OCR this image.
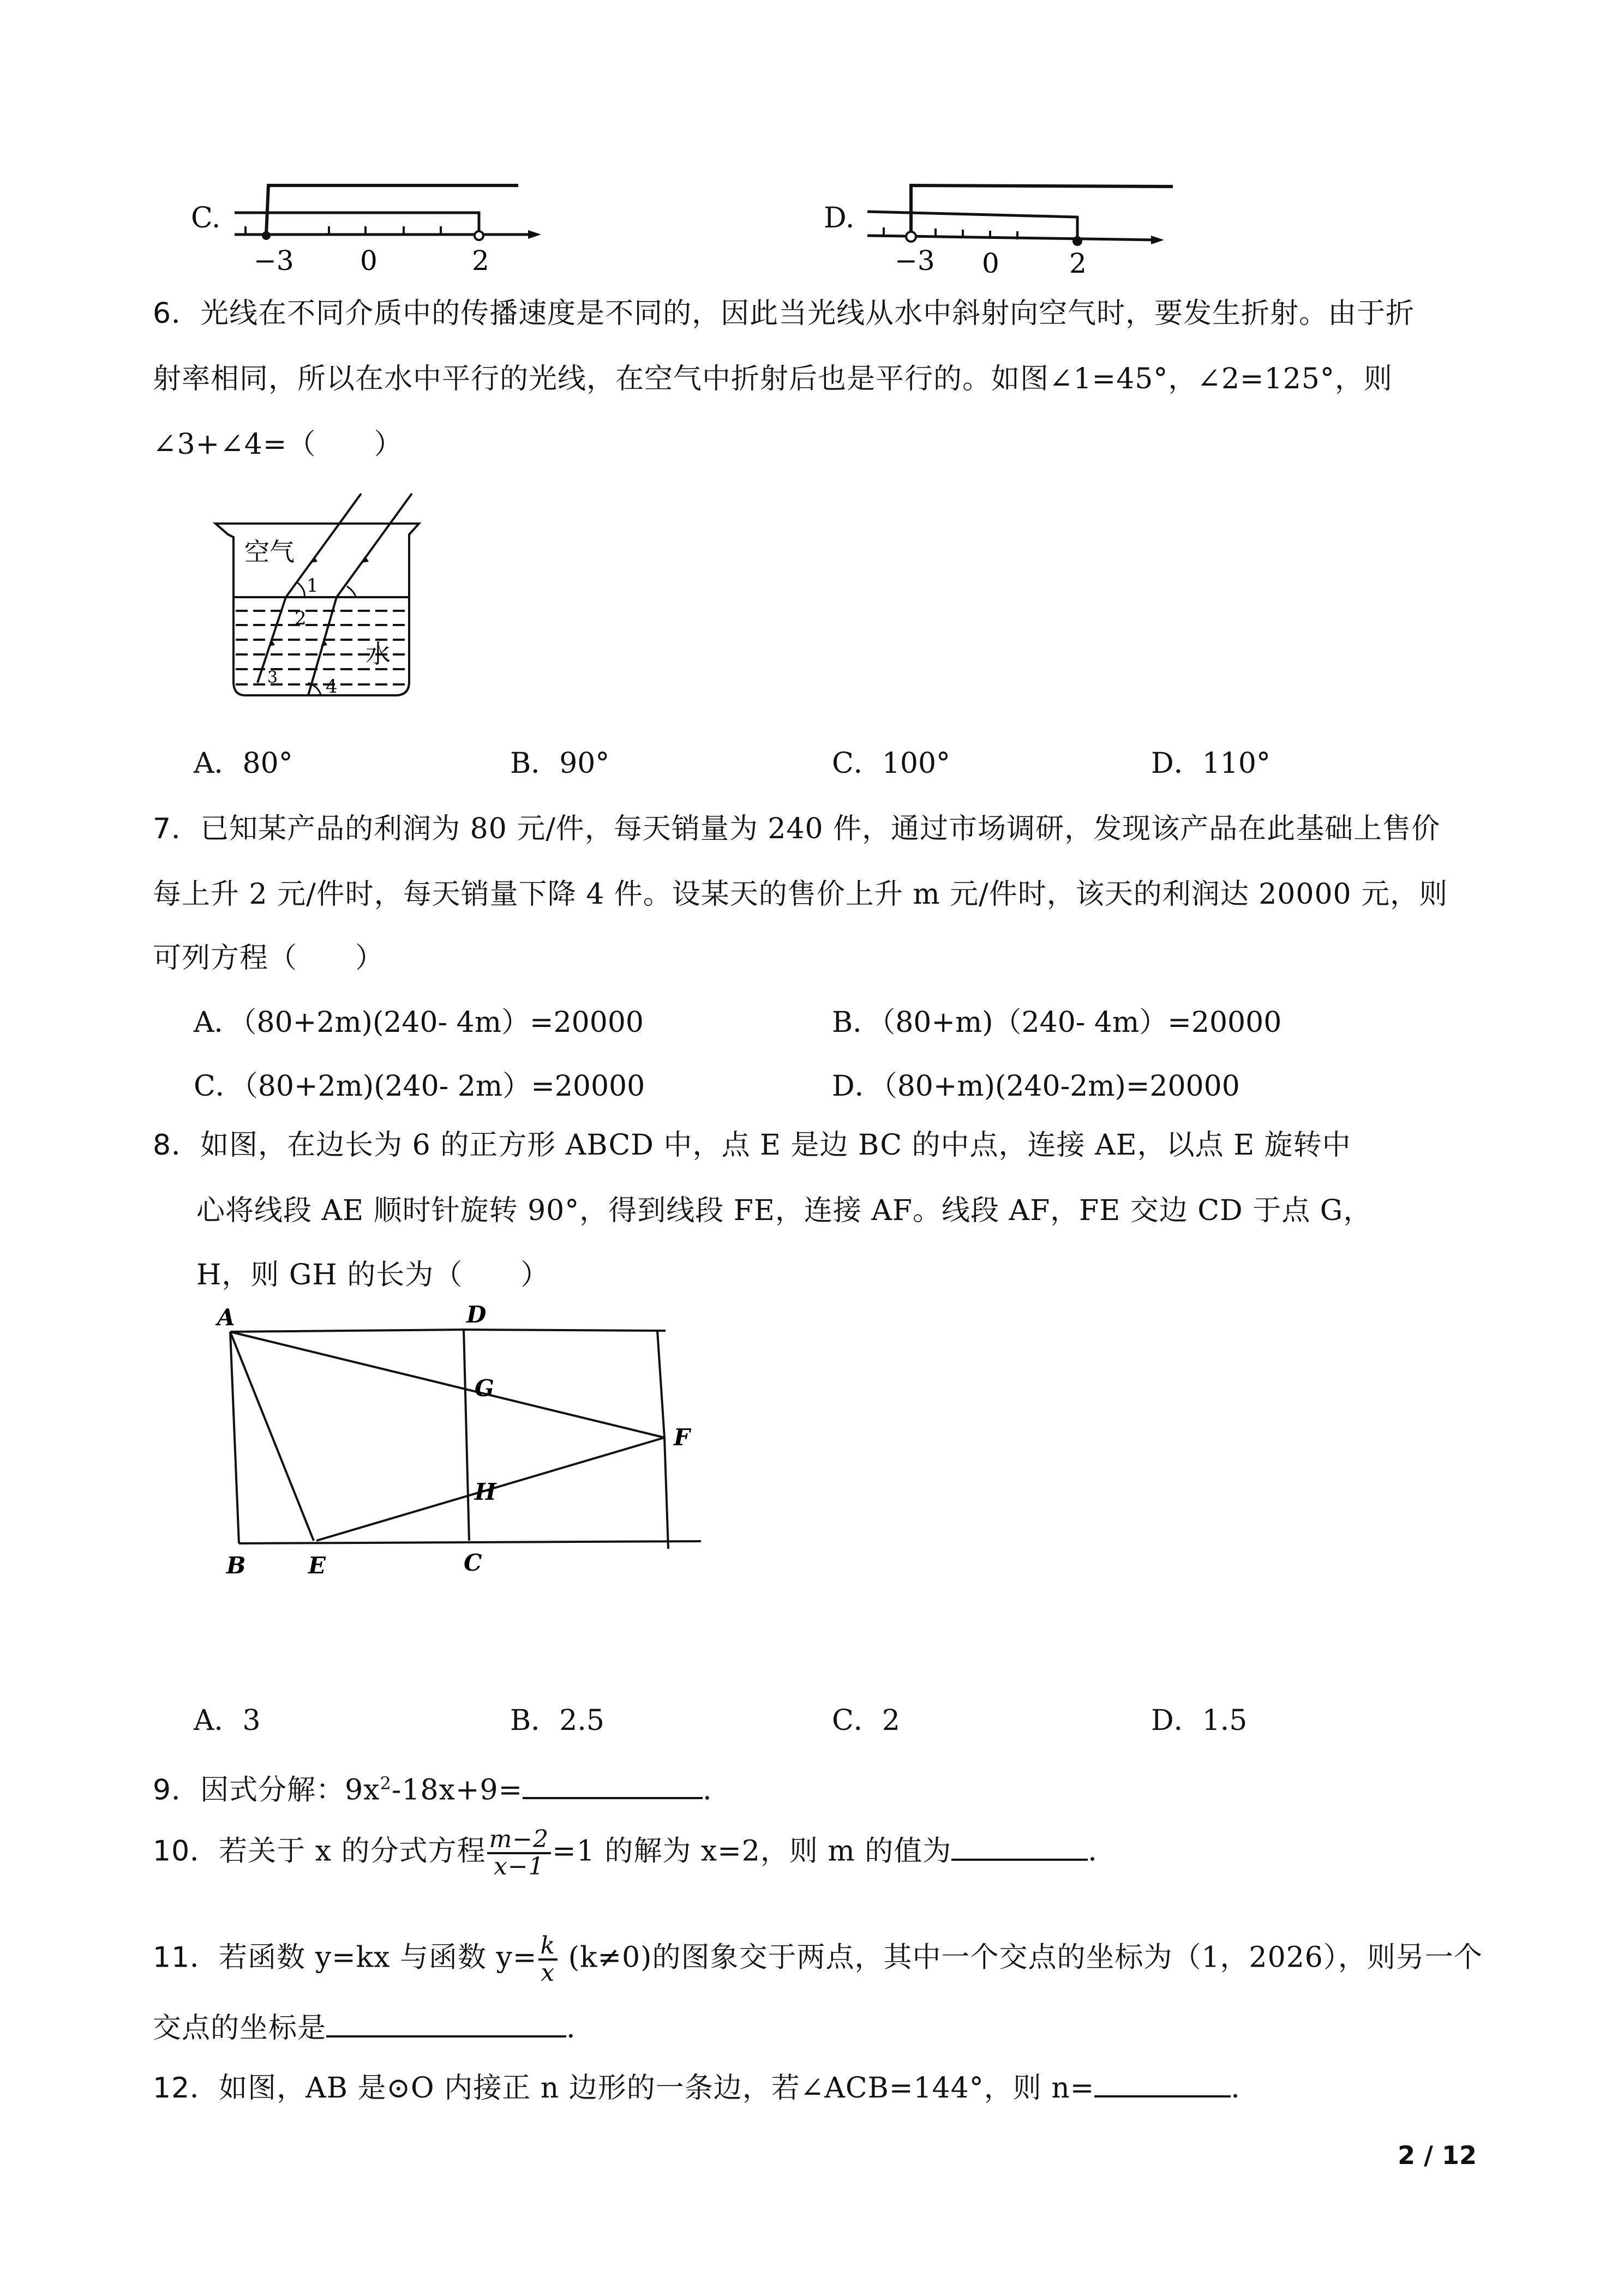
C.
−3 0	2
D.
−3 0	2
6．光线在不同介质中的传播速度是不同的，因此当光线从水中斜射向空气时，要发生折射。由于折
射率相同，所以在水中平行的光线，在空气中折射后也是平行的。如图∠1=45°，∠2=125°，则
∠3+∠4=（　　）
空气
水
1
2
3	4
A．80°	B．90°	C．100°	D．110°
7．已知某产品的利润为 80 元/件，每天销量为 240 件，通过市场调研，发现该产品在此基础上售价
每上升 2 元/件时，每天销量下降 4 件。设某天的售价上升 m 元/件时，该天的利润达 20000 元，则
可列方程（　　）
A．（80+2m)(240- 4m）=20000	B．（80+m)（240- 4m）=20000
C．（80+2m)(240- 2m）=20000	D．（80+m)(240-2m)=20000
8．如图，在边长为 6 的正方形 ABCD 中，点 E 是边 BC 的中点，连接 AE，以点 E 旋转中
心将线段 AE 顺时针旋转 90°，得到线段 FE，连接 AF。线段 AF，FE 交边 CD 于点 G，
H，则 GH 的长为（　　）
A
B	C
D
E
F
G
H
A．3	B．2.5	C．2	D．1.5
9．因式分解：$9x^2-18x+9=$	.
10．若关于 x 的分式方程 $\frac{m-2}{x-1} =1$ 的解为 x=2，则 m 的值为	.
11．若函数 y=kx 与函数 $y= \frac{k}{x} (k\ne 0)$的图象交于两点，其中一个交点的坐标为（1，2026），则另一个
交点的坐标是	.
12．如图，AB 是⊙O 内接正 n 边形的一条边，若∠ACB=144°，则 n=	.
2 / 12
